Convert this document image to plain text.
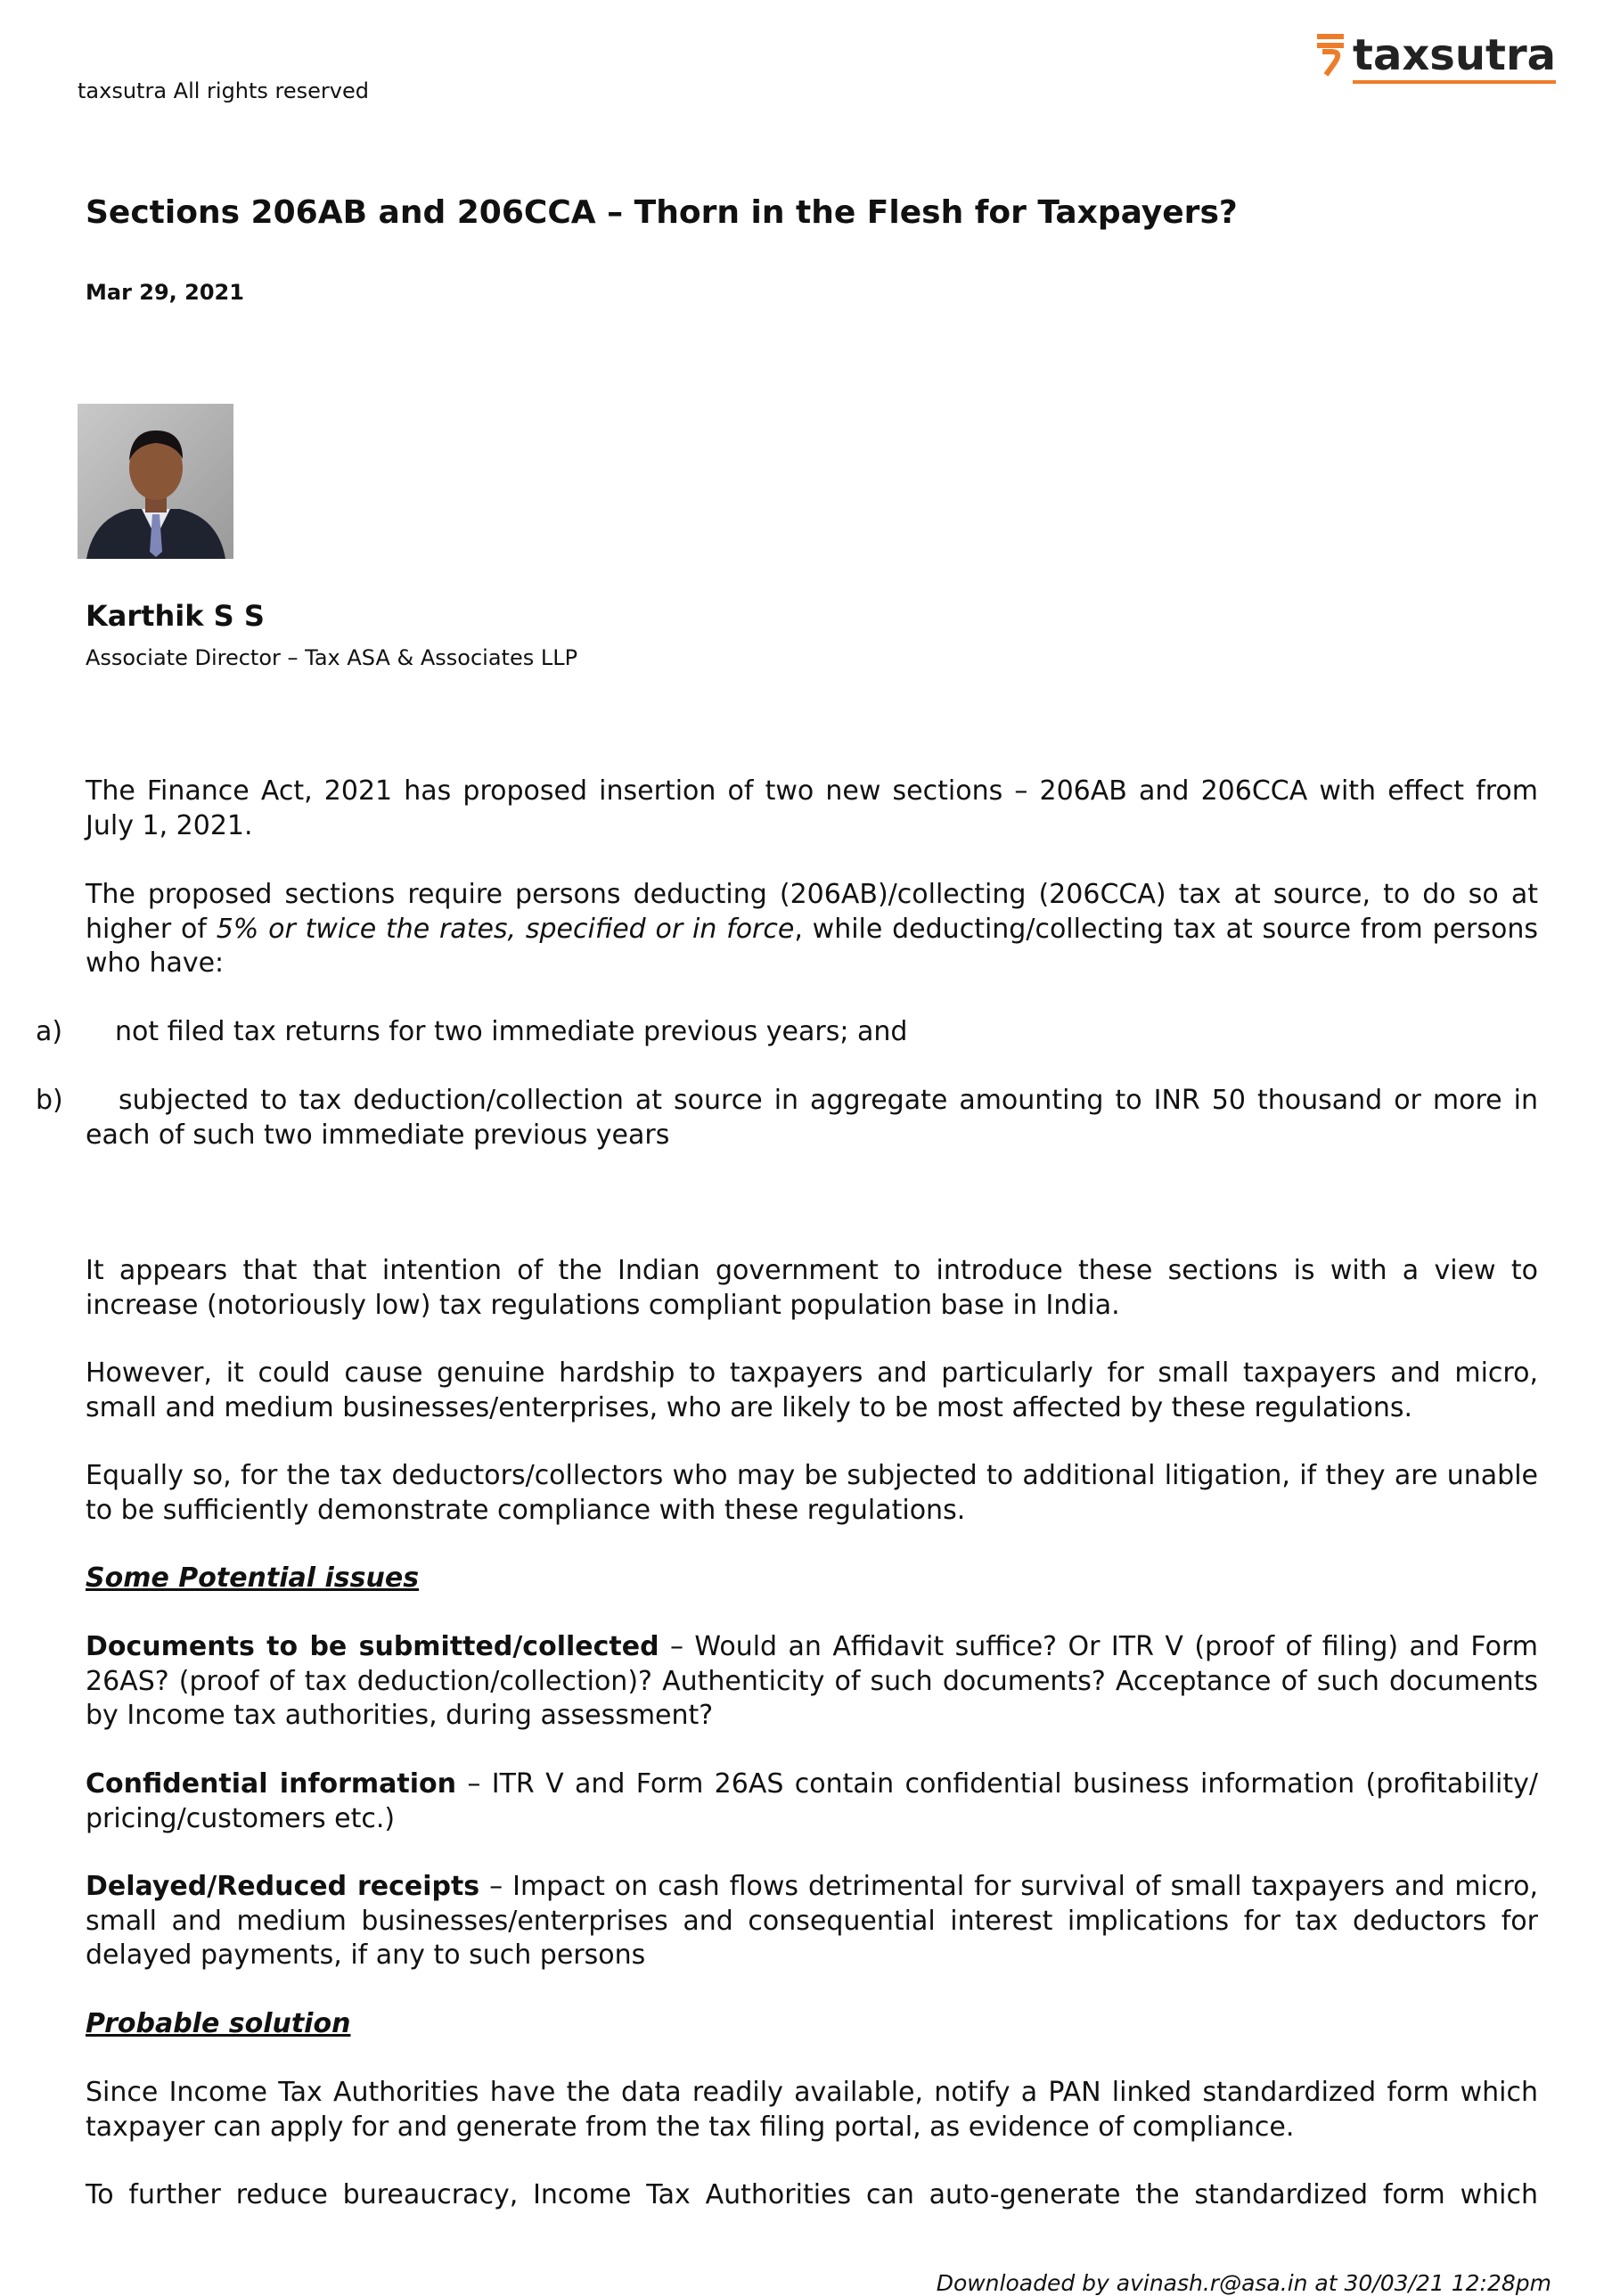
taxsutra All rights reserved
taxsutra
Sections 206AB and 206CCA – Thorn in the Flesh for Taxpayers?
Mar 29, 2021
Karthik S S
Associate Director – Tax ASA & Associates LLP
The Finance Act, 2021 has proposed insertion of two new sections – 206AB and 206CCA with effect from July 1, 2021.
The proposed sections require persons deducting (206AB)/collecting (206CCA) tax at source, to do so at higher of 5% or twice the rates, specified or in force, while deducting/collecting tax at source from persons who have:
a) not filed tax returns for two immediate previous years; and
b) subjected to tax deduction/collection at source in aggregate amounting to INR 50 thousand or more in
each of such two immediate previous years
It appears that that intention of the Indian government to introduce these sections is with a view to increase (notoriously low) tax regulations compliant population base in India.
However, it could cause genuine hardship to taxpayers and particularly for small taxpayers and micro, small and medium businesses/enterprises, who are likely to be most affected by these regulations.
Equally so, for the tax deductors/collectors who may be subjected to additional litigation, if they are unable to be sufficiently demonstrate compliance with these regulations.
Some Potential issues
Documents to be submitted/collected – Would an Affidavit suffice? Or ITR V (proof of filing) and Form 26AS? (proof of tax deduction/collection)? Authenticity of such documents? Acceptance of such documents by Income tax authorities, during assessment?
Confidential information – ITR V and Form 26AS contain confidential business information (profitability/ pricing/customers etc.)
Delayed/Reduced receipts – Impact on cash flows detrimental for survival of small taxpayers and micro, small and medium businesses/enterprises and consequential interest implications for tax deductors for delayed payments, if any to such persons
Probable solution
Since Income Tax Authorities have the data readily available, notify a PAN linked standardized form which taxpayer can apply for and generate from the tax filing portal, as evidence of compliance.
To further reduce bureaucracy, Income Tax Authorities can auto-generate the standardized form which
Downloaded by avinash.r@asa.in at 30/03/21 12:28pm
